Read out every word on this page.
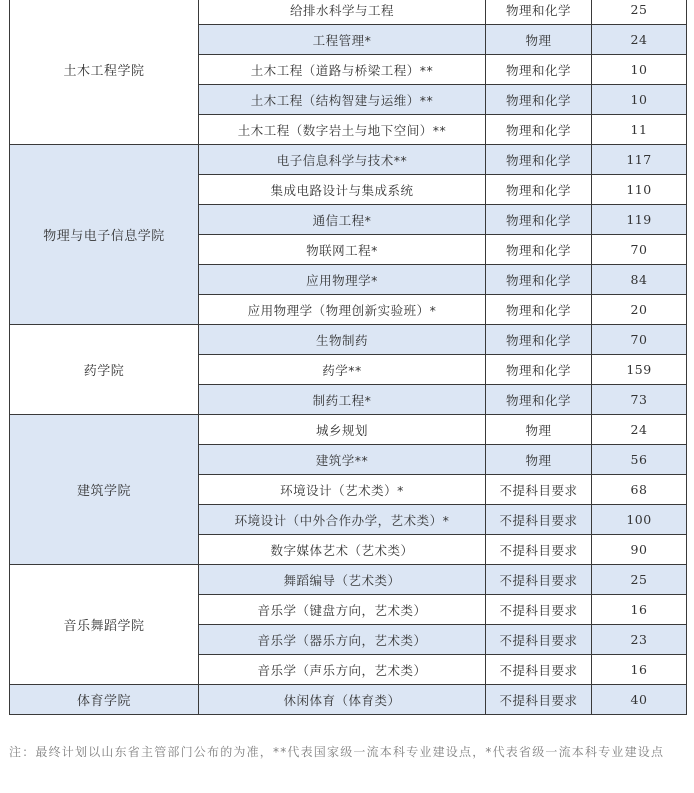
土木工程学院	给排水科学与工程	物理和化学	25
	工程管理*	物理	24
	土木工程（道路与桥梁工程）**	物理和化学	10
	土木工程（结构智建与运维）**	物理和化学	10
	土木工程（数字岩土与地下空间）**	物理和化学	11
物理与电子信息学院	电子信息科学与技术**	物理和化学	117
	集成电路设计与集成系统	物理和化学	110
	通信工程*	物理和化学	119
	物联网工程*	物理和化学	70
	应用物理学*	物理和化学	84
	应用物理学（物理创新实验班）*	物理和化学	20
药学院	生物制药	物理和化学	70
	药学**	物理和化学	159
	制药工程*	物理和化学	73
建筑学院	城乡规划	物理	24
	建筑学**	物理	56
	环境设计（艺术类）*	不提科目要求	68
	环境设计（中外合作办学，艺术类）*	不提科目要求	100
	数字媒体艺术（艺术类）	不提科目要求	90
音乐舞蹈学院	舞蹈编导（艺术类）	不提科目要求	25
	音乐学（键盘方向，艺术类）	不提科目要求	16
	音乐学（器乐方向，艺术类）	不提科目要求	23
	音乐学（声乐方向，艺术类）	不提科目要求	16
体育学院	休闲体育（体育类）	不提科目要求	40
注：最终计划以山东省主管部门公布的为准，**代表国家级一流本科专业建设点，*代表省级一流本科专业建设点
